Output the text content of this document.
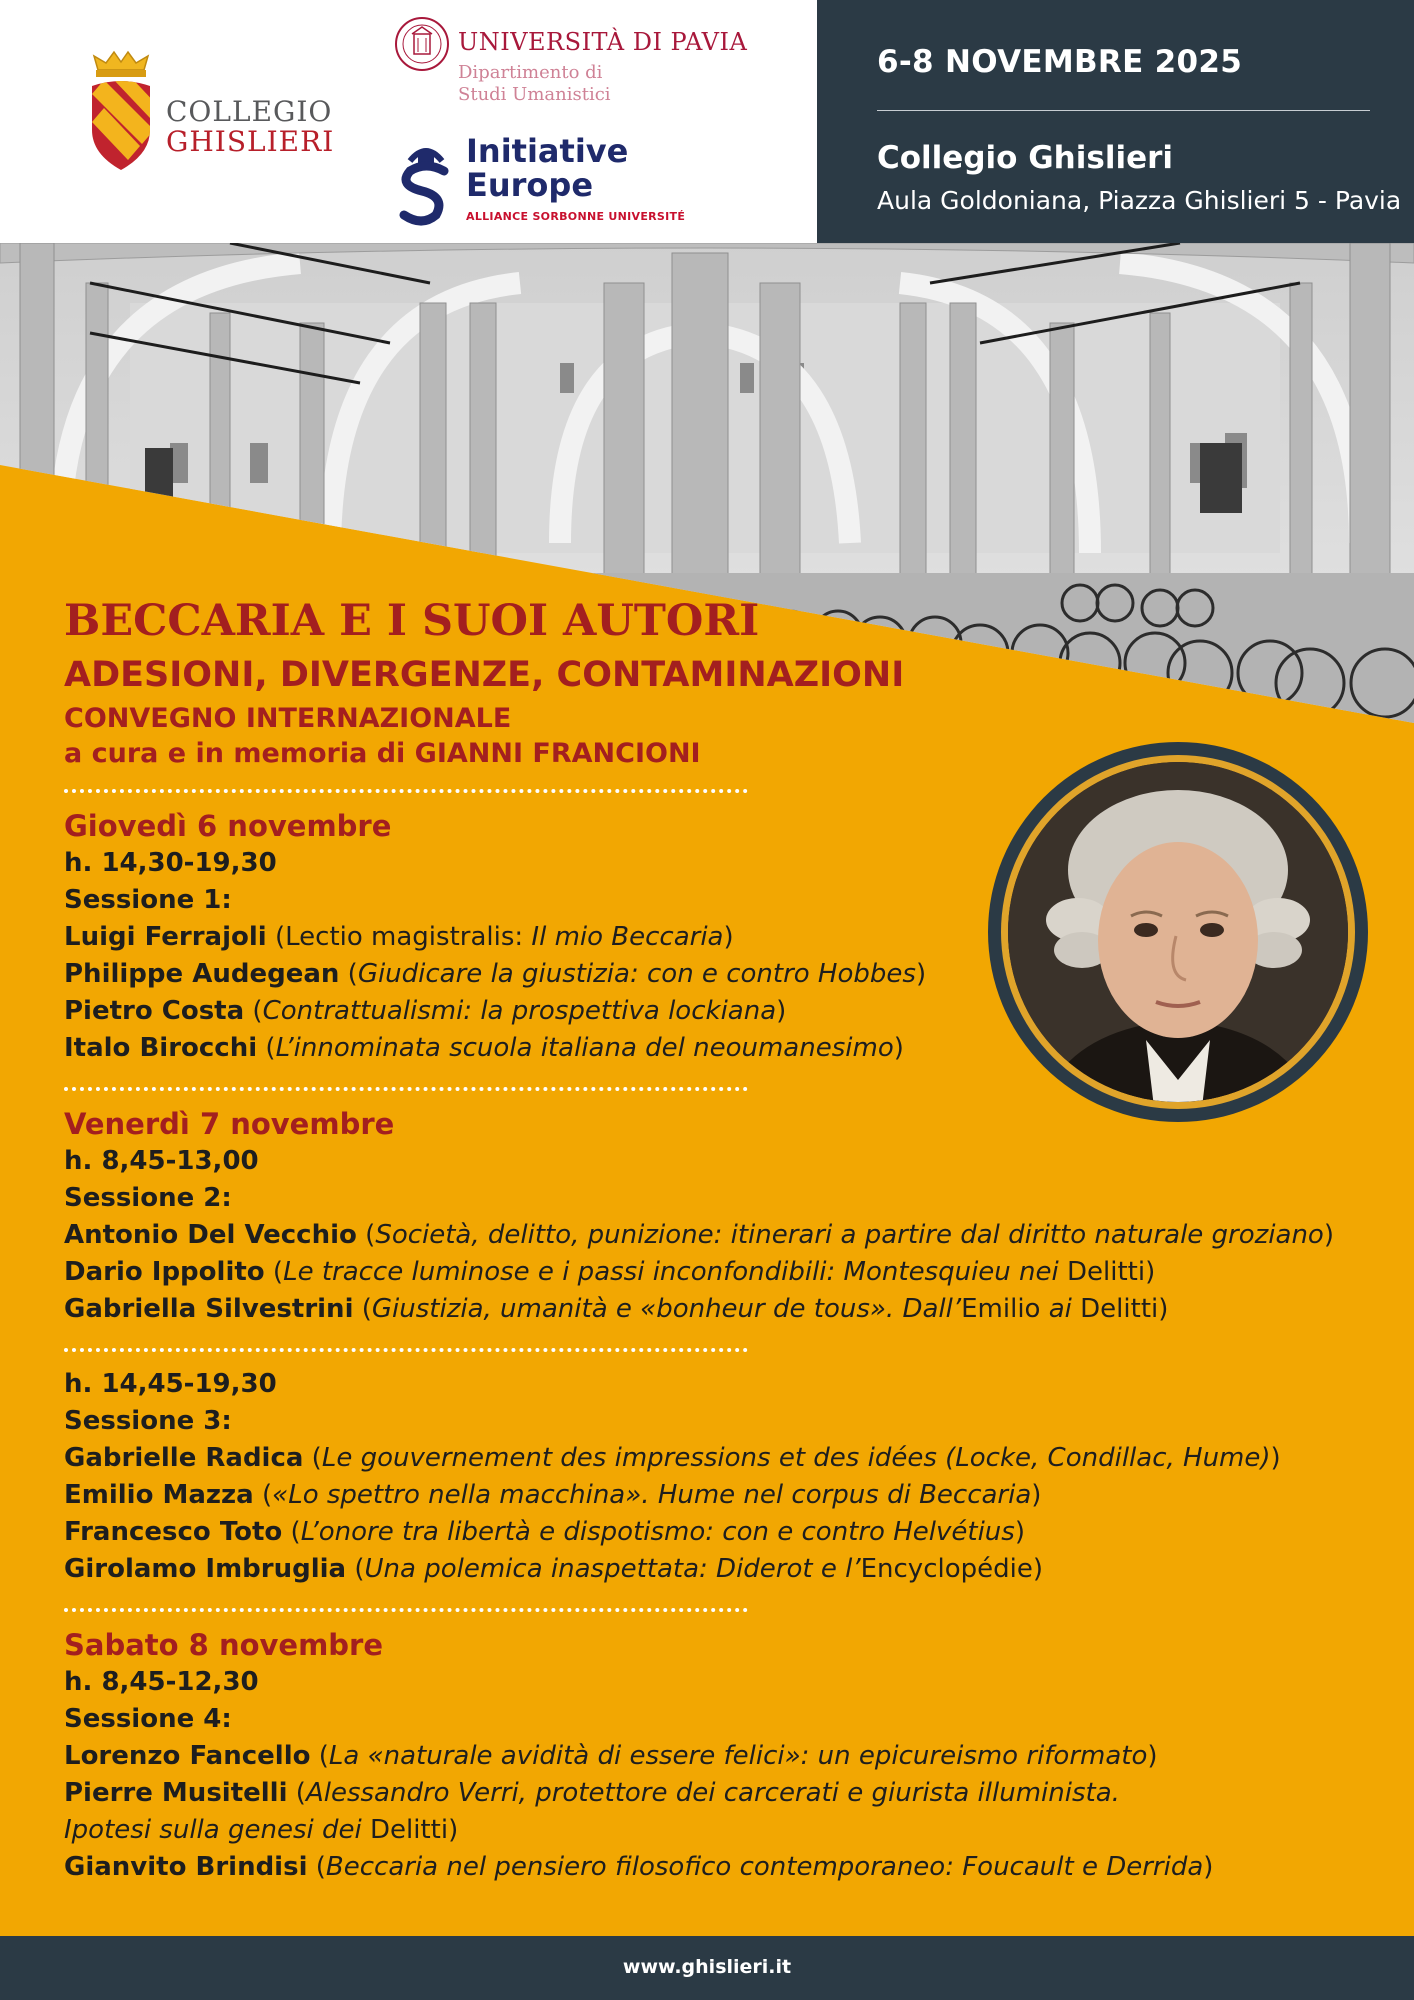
COLLEGIO
GHISLIERI
UNIVERSITÀ DI PAVIA
Dipartimento di
Studi Umanistici
Initiative
Europe
ALLIANCE SORBONNE UNIVERSITÉ
6-8 NOVEMBRE 2025
Collegio Ghislieri
Aula Goldoniana, Piazza Ghislieri 5 - Pavia
BECCARIA E I SUOI AUTORI
ADESIONI, DIVERGENZE, CONTAMINAZIONI
CONVEGNO INTERNAZIONALE
a cura e in memoria di GIANNI FRANCIONI
Giovedì 6 novembre
h. 14,30-19,30
Sessione 1:
Luigi Ferrajoli (Lectio magistralis: Il mio Beccaria)
Philippe Audegean (Giudicare la giustizia: con e contro Hobbes)
Pietro Costa (Contrattualismi: la prospettiva lockiana)
Italo Birocchi (L’innominata scuola italiana del neoumanesimo)
Venerdì 7 novembre
h. 8,45-13,00
Sessione 2:
Antonio Del Vecchio (Società, delitto, punizione: itinerari a partire dal diritto naturale groziano)
Dario Ippolito (Le tracce luminose e i passi inconfondibili: Montesquieu nei Delitti)
Gabriella Silvestrini (Giustizia, umanità e «bonheur de tous». Dall’Emilio ai Delitti)
h. 14,45-19,30
Sessione 3:
Gabrielle Radica (Le gouvernement des impressions et des idées (Locke, Condillac, Hume))
Emilio Mazza («Lo spettro nella macchina». Hume nel corpus di Beccaria)
Francesco Toto (L’onore tra libertà e dispotismo: con e contro Helvétius)
Girolamo Imbruglia (Una polemica inaspettata: Diderot e l’Encyclopédie)
Sabato 8 novembre
h. 8,45-12,30
Sessione 4:
Lorenzo Fancello (La «naturale avidità di essere felici»: un epicureismo riformato)
Pierre Musitelli (Alessandro Verri, protettore dei carcerati e giurista illuminista.
Ipotesi sulla genesi dei Delitti)
Gianvito Brindisi (Beccaria nel pensiero filosofico contemporaneo: Foucault e Derrida)
www.ghislieri.it
